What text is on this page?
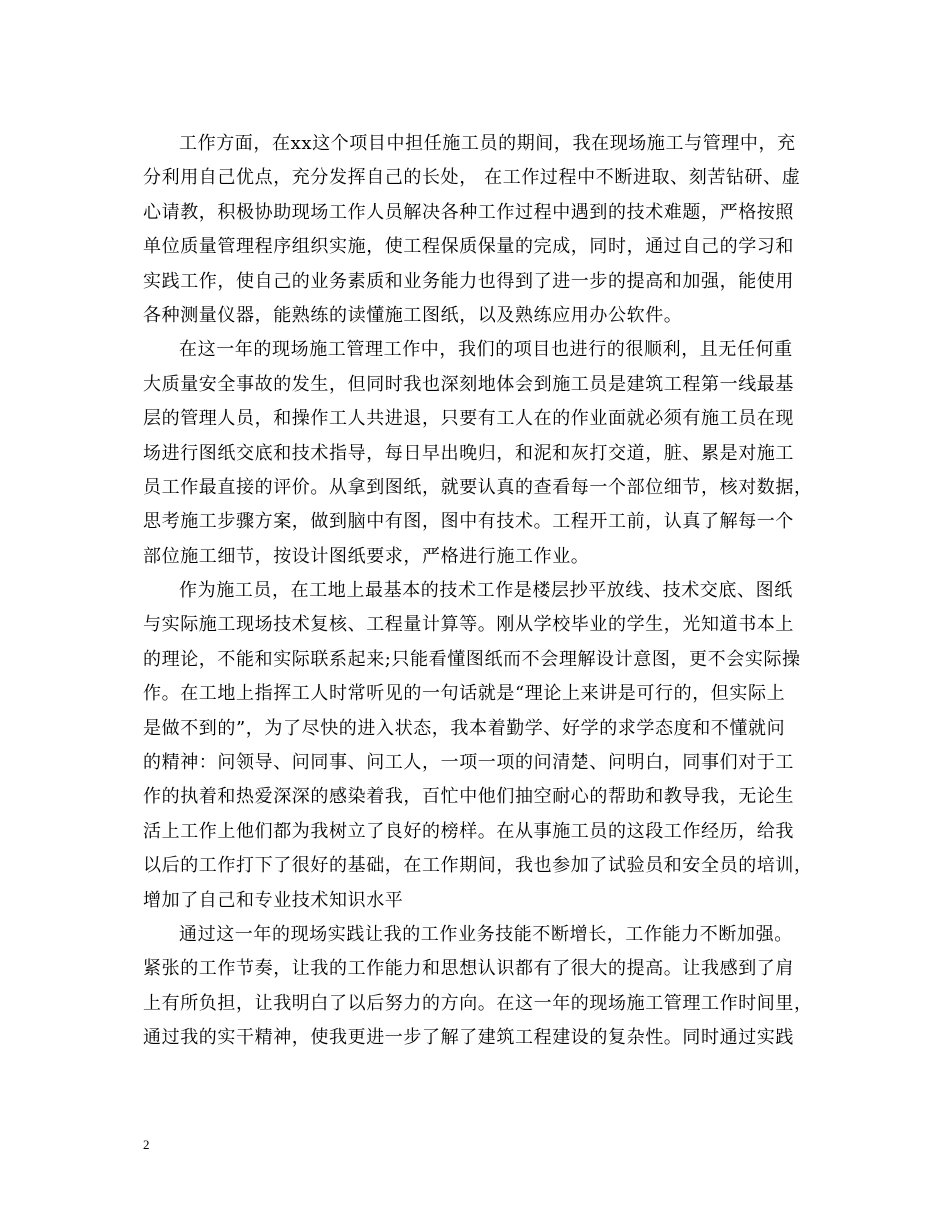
工作方面，在xx这个项目中担任施工员的期间，我在现场施工与管理中，充
分利用自己优点，充分发挥自己的长处， 在工作过程中不断进取、刻苦钻研、虚
心请教，积极协助现场工作人员解决各种工作过程中遇到的技术难题，严格按照
单位质量管理程序组织实施，使工程保质保量的完成，同时，通过自己的学习和
实践工作，使自己的业务素质和业务能力也得到了进一步的提高和加强，能使用
各种测量仪器，能熟练的读懂施工图纸，以及熟练应用办公软件。
在这一年的现场施工管理工作中，我们的项目也进行的很顺利，且无任何重
大质量安全事故的发生，但同时我也深刻地体会到施工员是建筑工程第一线最基
层的管理人员，和操作工人共进退，只要有工人在的作业面就必须有施工员在现
场进行图纸交底和技术指导，每日早出晚归，和泥和灰打交道，脏、累是对施工
员工作最直接的评价。从拿到图纸，就要认真的查看每一个部位细节，核对数据，
思考施工步骤方案，做到脑中有图，图中有技术。工程开工前，认真了解每一个
部位施工细节，按设计图纸要求，严格进行施工作业。
作为施工员，在工地上最基本的技术工作是楼层抄平放线、技术交底、图纸
与实际施工现场技术复核、工程量计算等。刚从学校毕业的学生，光知道书本上
的理论，不能和实际联系起来;只能看懂图纸而不会理解设计意图，更不会实际操
作。在工地上指挥工人时常听见的一句话就是“理论上来讲是可行的，但实际上
是做不到的”，为了尽快的进入状态，我本着勤学、好学的求学态度和不懂就问
的精神：问领导、问同事、问工人，一项一项的问清楚、问明白，同事们对于工
作的执着和热爱深深的感染着我，百忙中他们抽空耐心的帮助和教导我，无论生
活上工作上他们都为我树立了良好的榜样。在从事施工员的这段工作经历，给我
以后的工作打下了很好的基础，在工作期间，我也参加了试验员和安全员的培训，
增加了自己和专业技术知识水平
通过这一年的现场实践让我的工作业务技能不断增长，工作能力不断加强。
紧张的工作节奏，让我的工作能力和思想认识都有了很大的提高。让我感到了肩
上有所负担，让我明白了以后努力的方向。在这一年的现场施工管理工作时间里，
通过我的实干精神，使我更进一步了解了建筑工程建设的复杂性。同时通过实践
2
